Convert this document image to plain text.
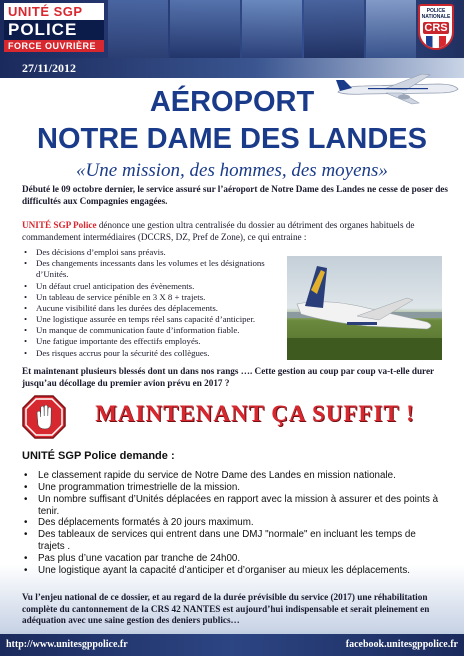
UNITÉ SGP
POLICE
FORCE OUVRIÈRE
POLICE NATIONALE
CRS
27/11/2012
AÉROPORT
NOTRE DAME DES LANDES
«Une mission, des hommes, des moyens»

Débuté le 09 octobre dernier, le service assuré sur l’aéroport de Notre Dame des Landes ne cesse de poser des difficultés aux Compagnies engagées.

UNITÉ SGP Police dénonce une gestion ultra centralisée du dossier au détriment des organes habituels de commandement intermédiaires (DCCRS, DZ, Pref de Zone), ce qui entraine :

• Des décisions d’emploi sans préavis.
• Des changements incessants dans les volumes et les désignations d’Unités.
• Un défaut cruel anticipation des évènements.
• Un tableau de service pénible en 3 X 8 + trajets.
• Aucune visibilité dans les durées des déplacements.
• Une logistique assurée en temps réel sans capacité d’anticiper.
• Un manque de communication faute d’information fiable.
• Une fatigue importante des effectifs employés.
• Des risques accrus pour la sécurité des collègues.

Et maintenant plusieurs blessés dont un dans nos rangs …. Cette gestion au coup par coup va-t-elle durer jusqu’au décollage du premier avion prévu en 2017 ?

MAINTENANT ÇA SUFFIT !
UNITÉ SGP Police demande :
• Le classement rapide du service de Notre Dame des Landes en mission nationale.
• Une programmation trimestrielle de la mission.
• Un nombre suffisant d’Unités déplacées en rapport avec la mission à assurer et des points à tenir.
• Des déplacements formatés à 20 jours maximum.
• Des tableaux de services qui entrent dans une DMJ "normale" en incluant les temps de trajets .
• Pas plus d’une vacation par tranche de 24h00.
• Une logistique ayant la capacité d’anticiper et d’organiser au mieux les déplacements.

Vu l’enjeu national de ce dossier, et au regard de la durée prévisible du service (2017) une réhabilitation complète du cantonnement de la CRS 42 NANTES est aujourd’hui indispensable et serait pleinement en adéquation avec une saine gestion des deniers publics…

http://www.unitesgppolice.fr	facebook.unitesgppolice.fr
